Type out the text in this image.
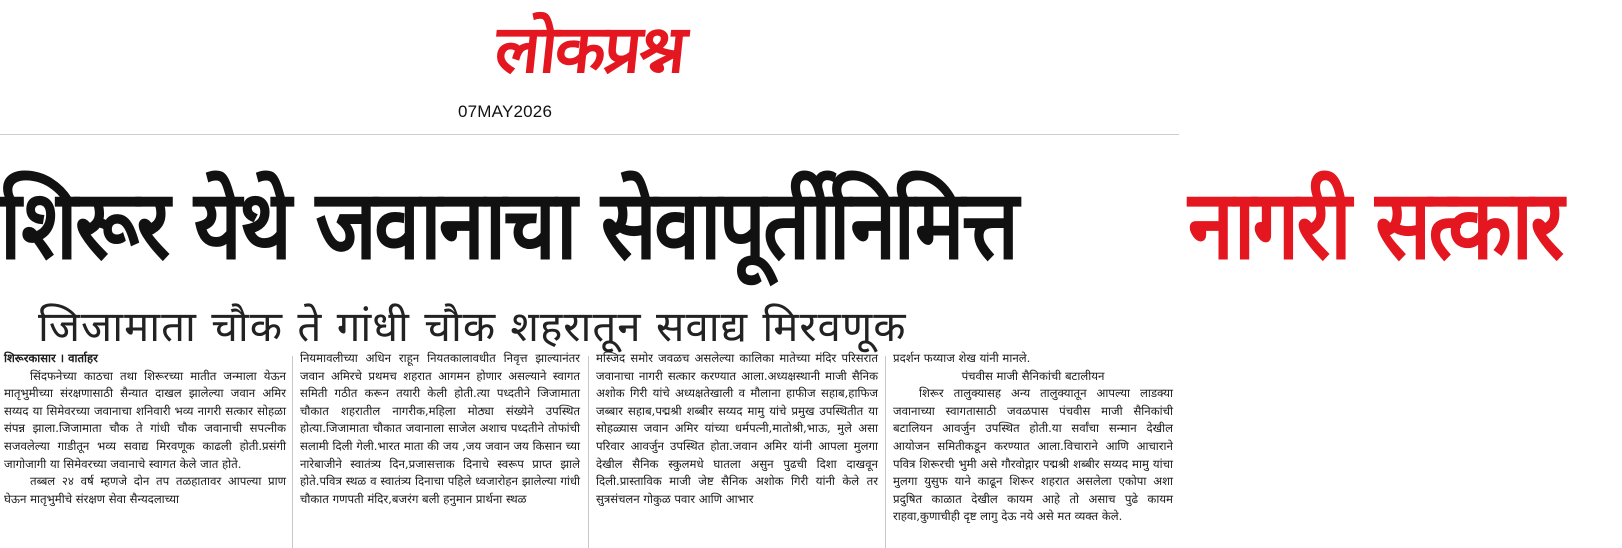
लोकप्रश्न
07MAY2026
शिरूर येथे जवानाचा सेवापूर्तीनिमित्त नागरी सत्कार
जिजामाता चौक ते गांधी चौक शहरातून सवाद्य मिरवणूक

शिरूरकासार । वार्ताहर

सिंदफनेच्या काठचा तथा शिरूरच्या मातीत जन्माला येऊन मातृभुमीच्या संरक्षणासाठी सैन्यात दाखल झालेल्या जवान अमिर सय्यद या सिमेवरच्या जवानाचा शनिवारी भव्य नागरी सत्कार सोहळा संपन्न झाला.जिजामाता चौक ते गांधी चौक जवानाची सपत्नीक सजवलेल्या गाडीतून भव्य सवाद्य मिरवणूक काढली होती.प्रसंगी जागोजागी या सिमेवरच्या जवानाचे स्वागत केले जात होते.

तब्बल २४ वर्ष म्हणजे दोन तप तळहातावर आपल्या प्राण घेऊन मातृभुमीचे संरक्षण सेवा सैन्यदलाच्या

नियमावलीच्या अधिन राहून नियतकालावधीत निवृत्त झाल्यानंतर जवान अमिरचे प्रथमच शहरात आगमन होणार असल्याने स्वागत समिती गठीत करून तयारी केली होती.त्या पध्दतीने जिजामाता चौकात शहरातील नागरीक,महिला मोठ्या संख्येने उपस्थित होत्या.जिजामाता चौकात जवानाला साजेल अशाच पध्दतीने तोफांची सलामी दिली गेली.भारत माता की जय ,जय जवान जय किसान च्या नारेबाजीने स्वातंत्र्य दिन,प्रजासत्ताक दिनाचे स्वरूप प्राप्त झाले होते.पवित्र स्थळ व स्वातंत्र्य दिनाचा पहिले ध्वजारोहन झालेल्या गांधी चौकात गणपती मंदिर,बजरंग बली हनुमान प्रार्थना स्थळ

मस्जिद समोर जवळच असलेल्या कालिका मातेच्या मंदिर परिसरात जवानाचा नागरी सत्कार करण्यात आला.अध्यक्षस्थानी माजी सैनिक अशोक गिरी यांचे अध्यक्षतेखाली व मौलाना हाफीज सहाब,हाफिज जब्बार सहाब,पद्मश्री शब्बीर सय्यद मामु यांचे प्रमुख उपस्थितीत या सोहळ्यास जवान अमिर यांच्या धर्मपत्नी,मातोश्री,भाऊ, मुले असा परिवार आवर्जुन उपस्थित होता.जवान अमिर यांनी आपला मुलगा देखील सैनिक स्कुलमधे घातला असुन पुढची दिशा दाखवून दिली.प्रास्ताविक माजी जेष्ट सैनिक अशोक गिरी यांनी केले तर सुत्रसंचलन गोकुळ पवार आणि आभार

प्रदर्शन फय्याज शेख यांनी मानले.

पंचवीस माजी सैनिकांची बटालीयन

शिरूर तालुक्यासह अन्य तालुक्यातून आपल्या लाडक्या जवानाच्या स्वागतासाठी जवळपास पंचवीस माजी सैनिकांची बटालियन आवर्जुन उपस्थित होती.या सर्वांचा सन्मान देखील आयोजन समितीकडून करण्यात आला.विचाराने आणि आचाराने पवित्र शिरूरची भुमी असे गौरवोद्गार पद्मश्री शब्बीर सय्यद मामु यांचा मुलगा युसुफ याने काढून शिरूर शहरात असलेला एकोपा अशा प्रदुषित काळात देखील कायम आहे तो असाच पुढे कायम राहवा,कुणाचीही दृष्ट लागु देऊ नये असे मत व्यक्त केले.
